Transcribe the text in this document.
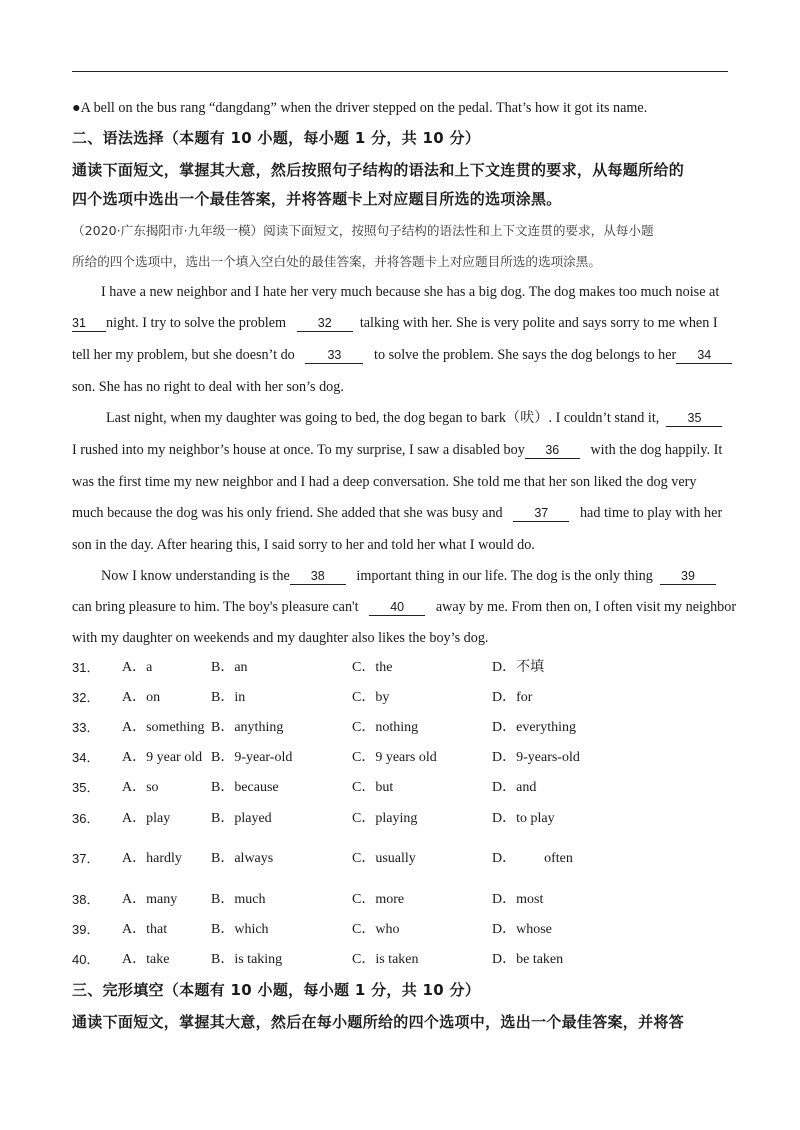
●A bell on the bus rang “dangdang” when the driver stepped on the pedal. That’s how it got its name.
二、语法选择（本题有 10 小题，每小题 1 分，共 10 分）
通读下面短文，掌握其大意，然后按照句子结构的语法和上下文连贯的要求，从每题所给的
四个选项中选出一个最佳答案，并将答题卡上对应题目所选的选项涂黑。
（2020·广东揭阳市·九年级一模）阅读下面短文，按照句子结构的语法性和上下文连贯的要求，从每小题
所给的四个选项中，选出一个填入空白处的最佳答案，并将答题卡上对应题目所选的选项涂黑。
I have a new neighbor and I hate her very much because she has a big dog. The dog makes too much noise at
31 night. I try to solve the problem	32 talking with her. She is very polite and says sorry to me when I
tell her my problem, but she doesn’t do	33 to solve the problem. She says the dog belongs to her 34
son. She has no right to deal with her son’s dog.
Last night, when my daughter was going to bed, the dog began to bark（吠）. I couldn’t stand it, 35
I rushed into my neighbor’s house at once. To my surprise, I saw a disabled boy 36 with the dog happily. It
was the first time my new neighbor and I had a deep conversation. She told me that her son liked the dog very
much because the dog was his only friend. She added that she was busy and	37 had time to play with her
son in the day. After hearing this, I said sorry to her and told her what I would do.
Now I know understanding is the 38 important thing in our life. The dog is the only thing 39
can bring pleasure to him. The boy's pleasure can't	40 away by me. From then on, I often visit my neighbor
with my daughter on weekends and my daughter also likes the boy’s dog.
31． A．a	B．an	C．the	D．不填
32． A．on	B．in	C．by	D．for
33． A．something B．anything	C．nothing	D．everything
34． A．9 year old B．9-year-old	C．9 years old	D．9-years-old
35． A．so	B．because	C．but	D．and
36． A．play	B．played	C．playing	D．to play
37． A．hardly B．always	C．usually	D．        often
38． A．many B．much	C．more	D．most
39． A．that	B．which	C．who	D．whose
40． A．take	B．is taking	C．is taken	D．be taken
三、完形填空（本题有 10 小题，每小题 1 分，共 10 分）
通读下面短文，掌握其大意，然后在每小题所给的四个选项中，选出一个最佳答案，并将答
